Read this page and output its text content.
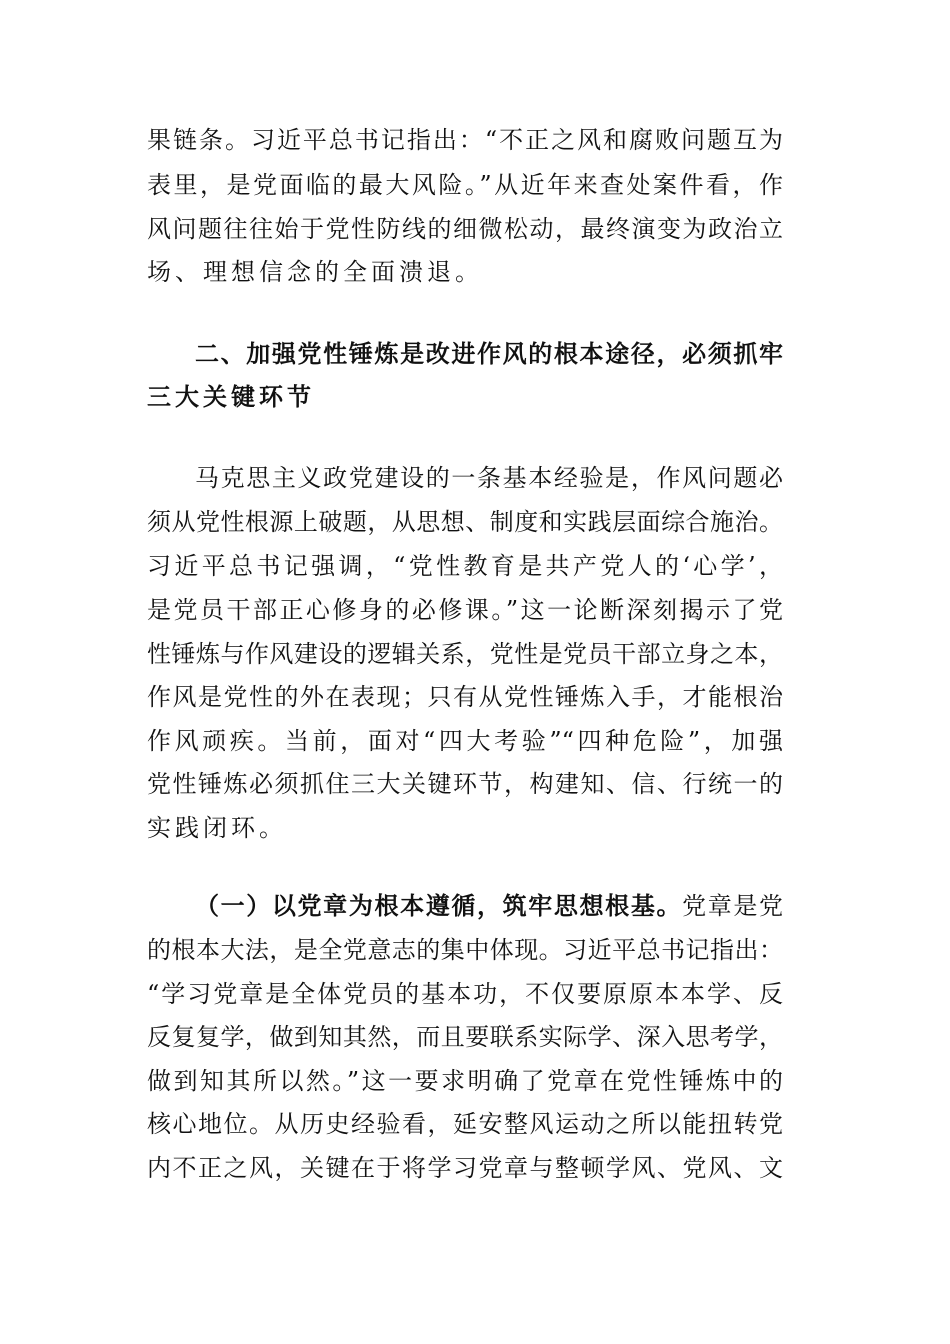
果链条。习近平总书记指出：“不正之风和腐败问题互为
表里，是党面临的最大风险。”从近年来查处案件看，作
风问题往往始于党性防线的细微松动，最终演变为政治立
场、理想信念的全面溃退。
二、加强党性锤炼是改进作风的根本途径，必须抓牢
三大关键环节
马克思主义政党建设的一条基本经验是，作风问题必
须从党性根源上破题，从思想、制度和实践层面综合施治。
习近平总书记强调，“党性教育是共产党人的‘心学’，
是党员干部正心修身的必修课。”这一论断深刻揭示了党
性锤炼与作风建设的逻辑关系，党性是党员干部立身之本，
作风是党性的外在表现；只有从党性锤炼入手，才能根治
作风顽疾。当前，面对“四大考验”“四种危险”，加强
党性锤炼必须抓住三大关键环节，构建知、信、行统一的
实践闭环。
（一）以党章为根本遵循，筑牢思想根基。党章是党
的根本大法，是全党意志的集中体现。习近平总书记指出：
“学习党章是全体党员的基本功，不仅要原原本本学、反
反复复学，做到知其然，而且要联系实际学、深入思考学，
做到知其所以然。”这一要求明确了党章在党性锤炼中的
核心地位。从历史经验看，延安整风运动之所以能扭转党
内不正之风，关键在于将学习党章与整顿学风、党风、文
